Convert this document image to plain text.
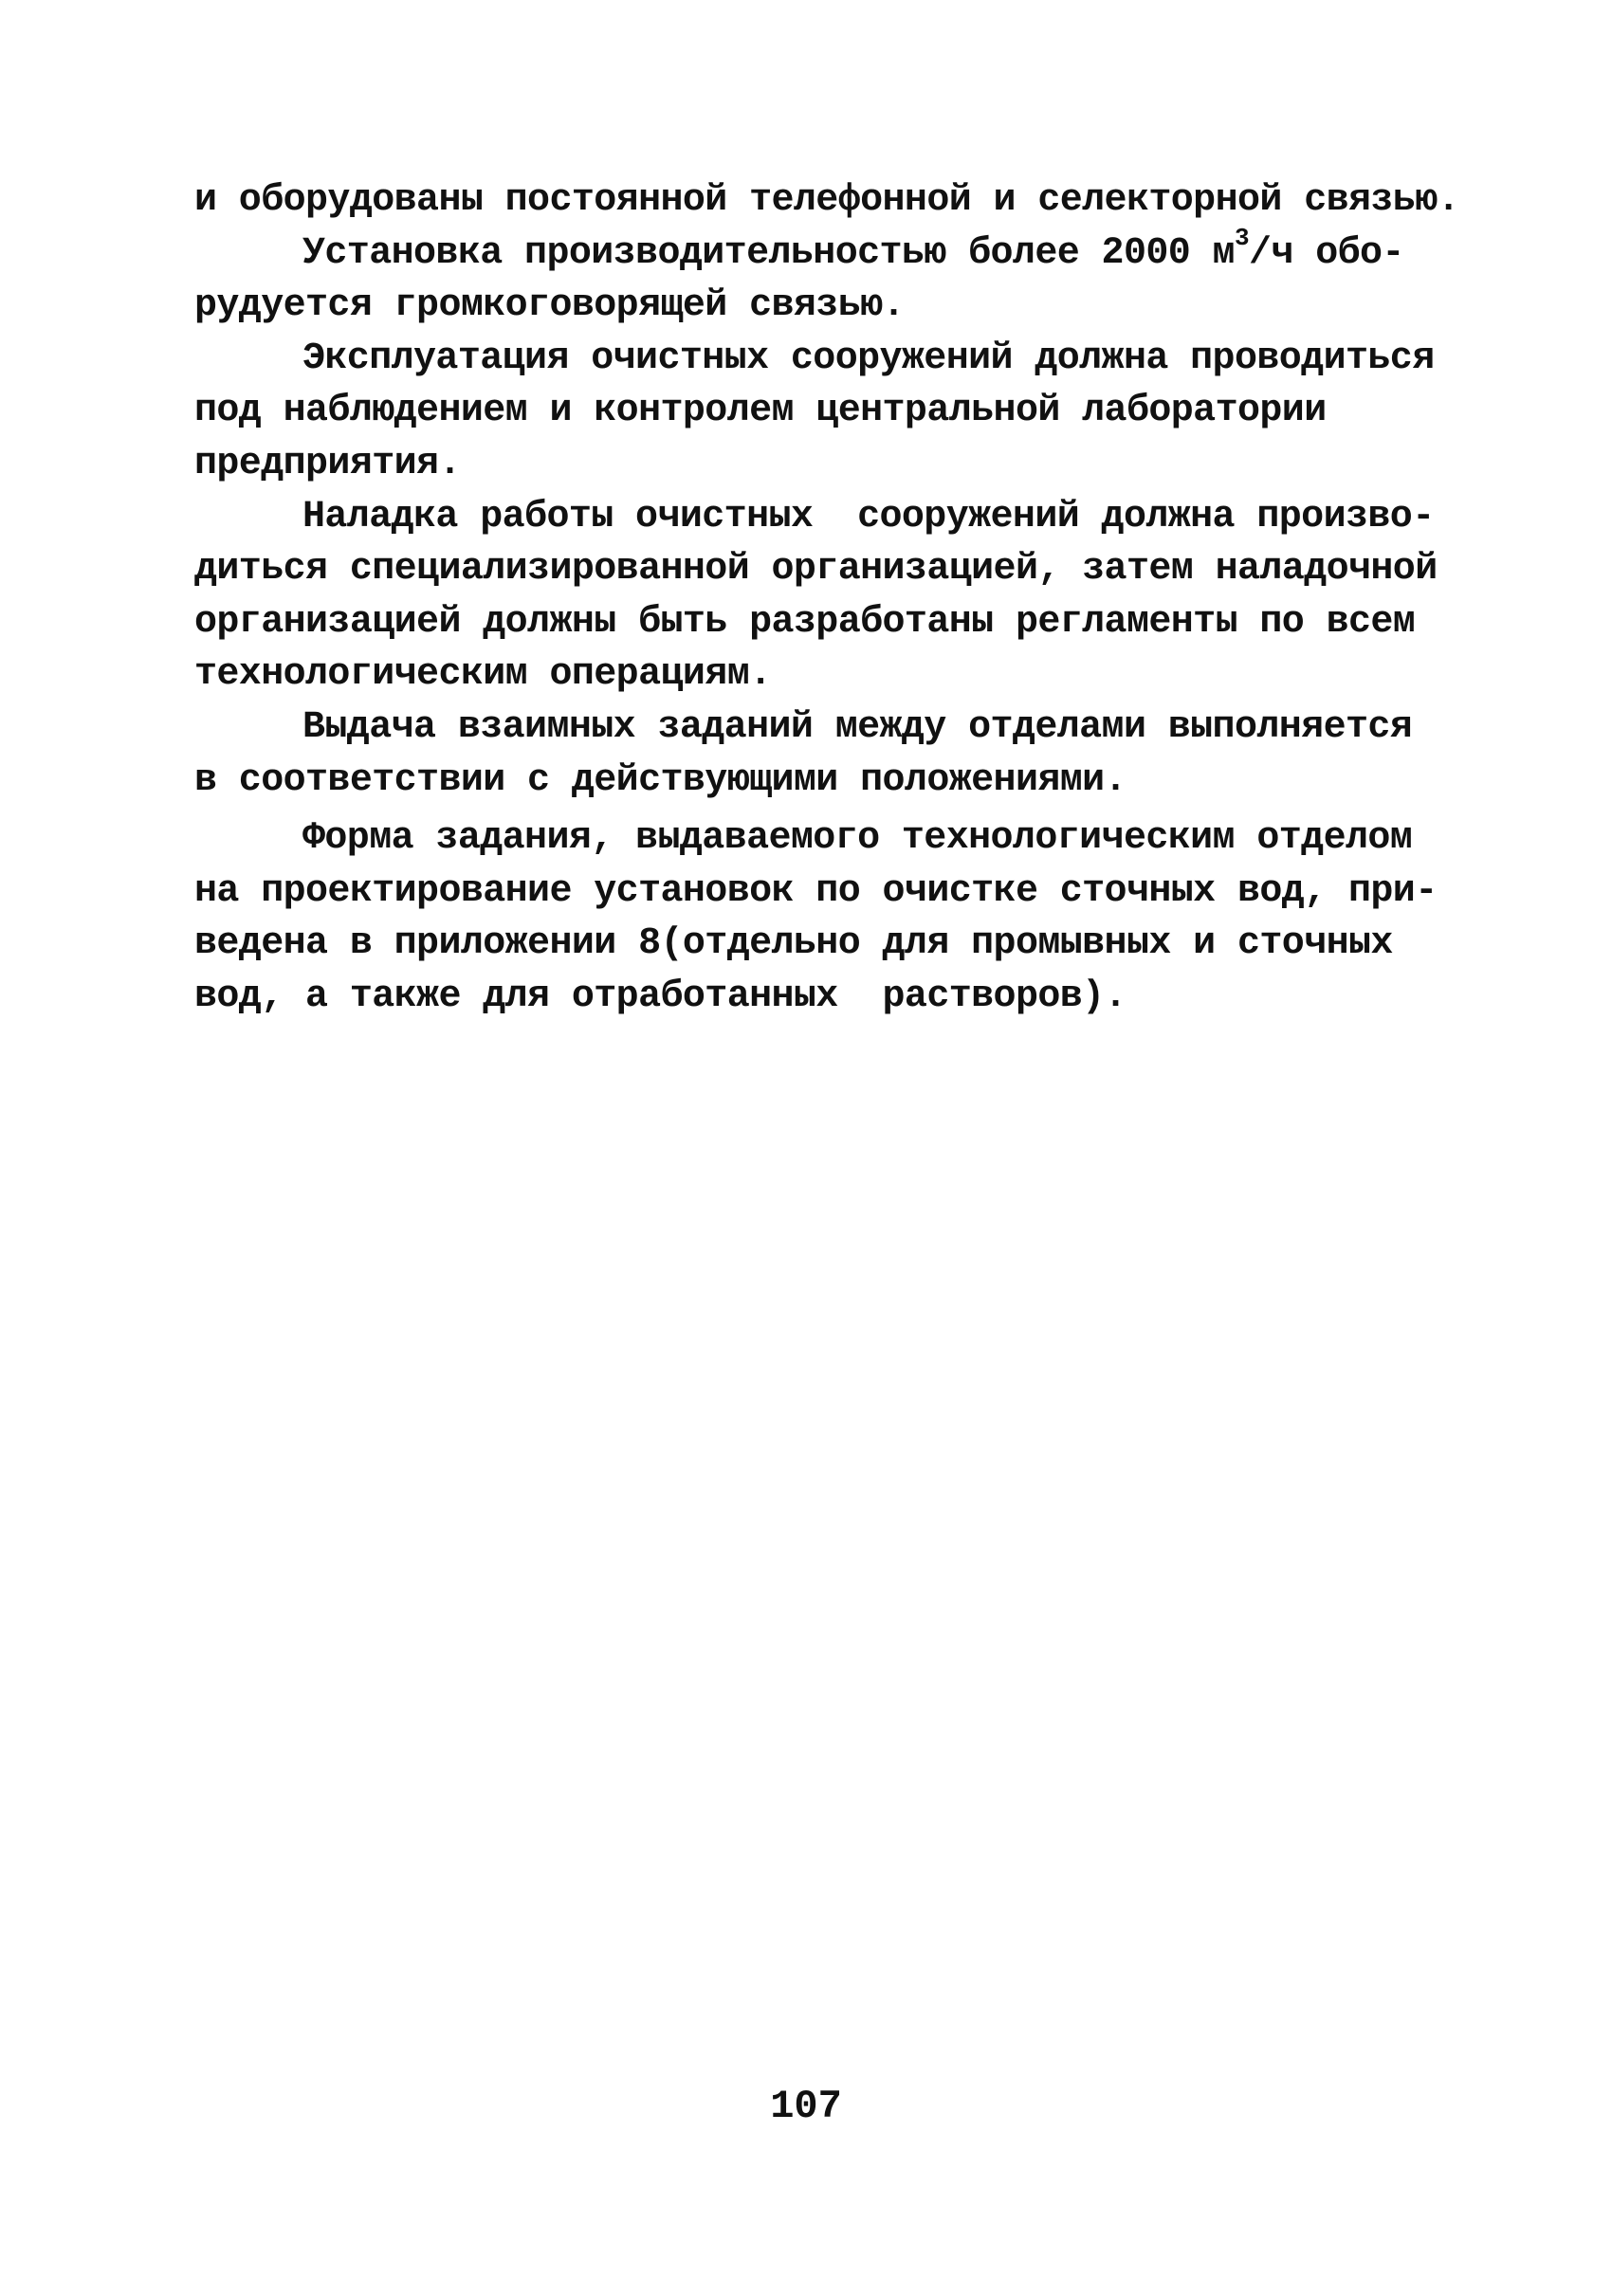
и оборудованы постоянной телефонной и селекторной связью.
Установка производительностью более 2000 $м^3/ч$ обо-
рудуется громкоговорящей связью.
Эксплуатация очистных сооружений должна проводиться
под наблюдением и контролем центральной лаборатории
предприятия.
Наладка работы очистных  сооружений должна произво-
диться специализированной организацией, затем наладочной
организацией должны быть разработаны регламенты по всем
технологическим операциям.
Выдача взаимных заданий между отделами выполняется
в соответствии с действующими положениями.
Форма задания, выдаваемого технологическим отделом
на проектирование установок по очистке сточных вод, при-
ведена в приложении 8(отдельно для промывных и сточных
вод, а также для отработанных  растворов).
107
